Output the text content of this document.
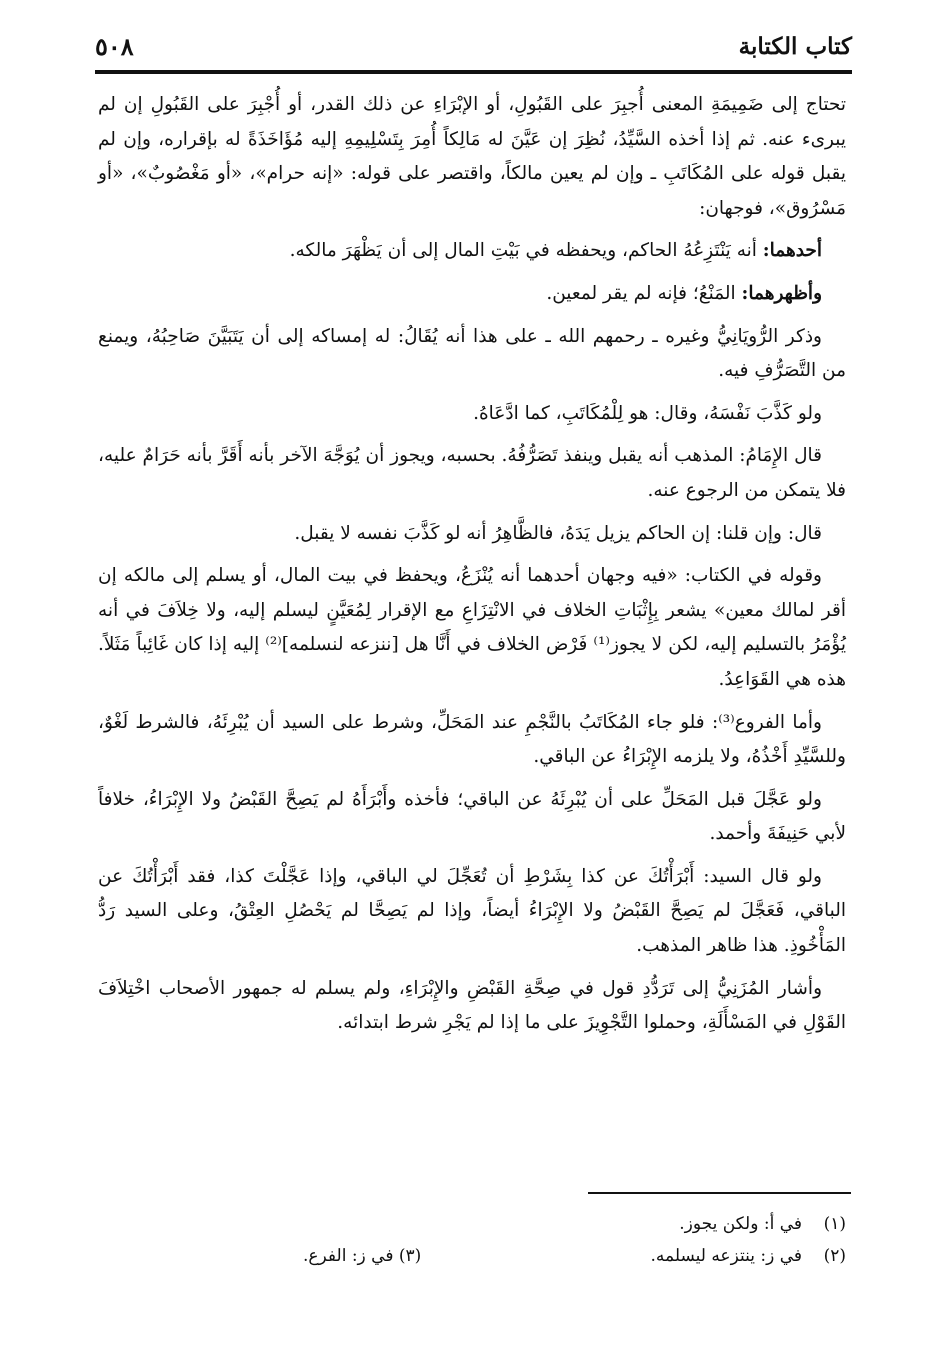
كتاب الكتابة
٥٠٨

تحتاج إلى ضَمِيمَةِ المعنى أُجبِرَ على القَبُولِ، أو الإبْرَاءِ عن ذلك القدر، أو أُجْبِرَ على القَبُولِ إن لم يبرىء عنه. ثم إذا أخذه السَّيِّدُ، نُظِرَ إن عَيَّنَ له مَالِكاً أُمِرَ بِتَسْلِيمِهِ إليه مُؤَاخَذَةً له بإقراره، وإن لم يقبل قوله على المُكَاتَبِ ـ وإن لم يعين مالكاً، واقتصر على قوله: «إنه حرام»، «أو مَغْصُوبٌ»، «أو مَسْرُوق»، فوجهان:

أحدهما: أنه يَنْتَزِعُهُ الحاكم، ويحفظه في بَيْتِ المال إلى أن يَظْهَرَ مالكه.

وأظهرهما: المَنْعُ؛ فإنه لم يقر لمعين.

وذكر الرُّويَانِيُّ وغيره ـ رحمهم الله ـ على هذا أنه يُقَالُ: له إمساكه إلى أن يَتَبَيَّنَ صَاحِبُهُ، ويمنع من التَّصَرُّفِ فيه.

ولو كَذَّبَ نَفْسَهُ، وقال: هو لِلْمُكَاتَبِ، كما ادَّعَاهُ.

قال الإِمَامُ: المذهب أنه يقبل وينفذ تَصَرُّفُهُ. بحسبه، ويجوز أن يُوَجَّهَ الآخر بأنه أَقَرَّ بأنه حَرَامٌ عليه، فلا يتمكن من الرجوع عنه.

قال: وإن قلنا: إن الحاكم يزيل يَدَهُ، فالظَّاهِرُ أنه لو كَذَّبَ نفسه لا يقبل.

وقوله في الكتاب: «فيه وجهان أحدهما أنه يُنْزَعُ، ويحفظ في بيت المال، أو يسلم إلى مالكه إن أقر لمالك معين» يشعر بِإِثْبَاتِ الخلاف في الانْتِزَاعِ مع الإقرار لِمُعَيَّنٍ ليسلم إليه، ولا خِلاَفَ في أنه يُؤْمَرُ بالتسليم إليه، لكن لا يجوز⁽¹⁾ فَرْض الخلاف في أَنَّا هل [ننزعه لنسلمه]⁽²⁾ إليه إذا كان غَائِباً مَثَلاً. هذه هي القَوَاعِدُ.

وأما الفروع⁽³⁾: فلو جاء المُكَاتَبُ بالنَّجْمِ عند المَحَلِّ، وشرط على السيد أن يُبْرِئَهُ، فالشرط لَغْوٌ، وللسَّيِّدِ أَخْذُهُ، ولا يلزمه الإِبْرَاءُ عن الباقي.

ولو عَجَّلَ قبل المَحَلِّ على أن يُبْرِئَهُ عن الباقي؛ فأخذه وأَبْرَأَهُ لم يَصِحَّ القَبْضُ ولا الإِبْرَاءُ، خلافاً لأبي حَنِيفَةَ وأحمد.

ولو قال السيد: أَبْرَأْتُكَ عن كذا بِشَرْطِ أن تُعَجِّلَ لي الباقي، وإذا عَجَّلْتَ كذا، فقد أَبْرَأْتُكَ عن الباقي، فَعَجَّلَ لم يَصِحَّ القَبْضُ ولا الإِبْرَاءُ أيضاً، وإذا لم يَصِحَّا لم يَحْصُلِ العِتْقُ، وعلى السيد رَدُّ المَأْخُوذِ. هذا ظاهر المذهب.

وأشار المُزَنِيُّ إلى تَرَدُّدِ قول في صِحَّةِ القَبْضِ والإِبْرَاءِ، ولم يسلم له جمهور الأصحاب اخْتِلاَفَ القَوْلِ في المَسْأَلَةِ، وحملوا التَّجْوِيزَ على ما إذا لم يَجْرِ شرط ابتدائه.

(١)
في أ: ولكن يجوز.
(٢)
في ز: ينتزعه ليسلمه.
(٣) في ز: الفرع.
